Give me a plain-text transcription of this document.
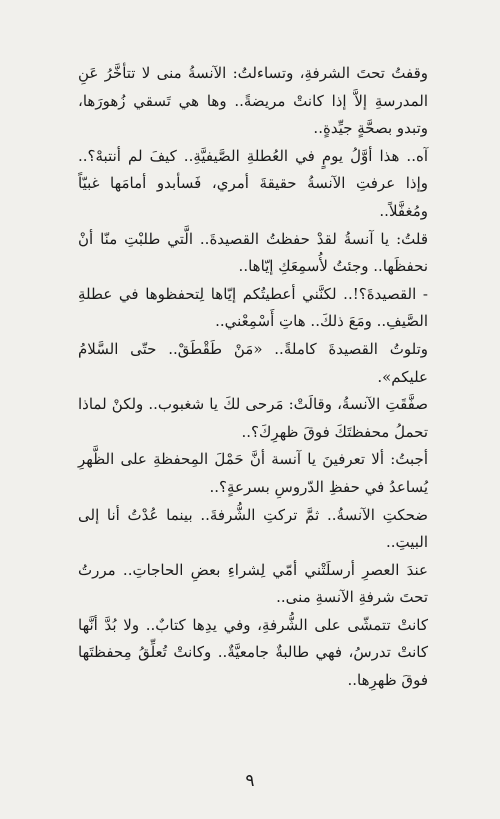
وقفتُ تحتَ الشرفةِ، وتساءلتُ: الآنسةُ منى لا تتأخَّرُ عَنِ المدرسةِ إلاَّ إذا كانتْ مريضةً.. وها هي تَسقي زُهورَها، وتبدو بصحَّةٍ جيِّدةٍ..

آه.. هذا أوَّلُ يومٍ في العُطلةِ الصَّيفيَّةِ.. كيفَ لم أنتبهْ؟.. وإذا عرفتِ الآنسةُ حقيقةَ أمري، فَسأبدو أمامَها غبيّاً ومُغفَّلاً..

قلتُ: يا آنسةُ لقدْ حفظتُ القصيدةَ.. الَّتي طلبْتِ منّا أنْ نحفظَها.. وجئتُ لأُسمِعَكِ إيّاها..

- القصيدةَ؟!.. لكنَّني أعطيتُكم إيّاها لِتحفظوها في عطلةِ الصَّيفِ.. ومَعَ ذلكَ.. هاتِ أَسْمِعْني..

وتلوتُ القصيدةَ كاملةً.. «مَنْ طَقْطَقْ.. حتّى السَّلامُ عليكم».

صفَّقَتِ الآنسةُ، وقالَتْ: مَرحى لكَ يا شغبوب.. ولكنْ لماذا تحملُ محفظتَكَ فوقَ ظهرِكَ؟..

أجبتُ: ألا تعرفينَ يا آنسة أنَّ حَمْلَ المِحفظةِ على الظَّهرِ يُساعدُ في حفظِ الدّروسِ بسرعةٍ؟..

ضحكتِ الآنسةُ.. ثمَّ تركتِ الشُّرفةَ.. بينما عُدْتُ أنا إلى البيتِ..

عندَ العصرِ أرسلَتْني أمّي لِشراءِ بعضِ الحاجاتِ.. مررتُ تحتَ شرفةِ الآنسةِ منى..

كانتْ تتمشّى على الشُّرفةِ، وفي يدِها كتابٌ.. ولا بُدَّ أنَّها كانتْ تدرسُ، فهي طالبةٌ جامعيَّةٌ.. وكانتْ تُعلِّقُ مِحفظتَها فوقَ ظهرِها..

٩
